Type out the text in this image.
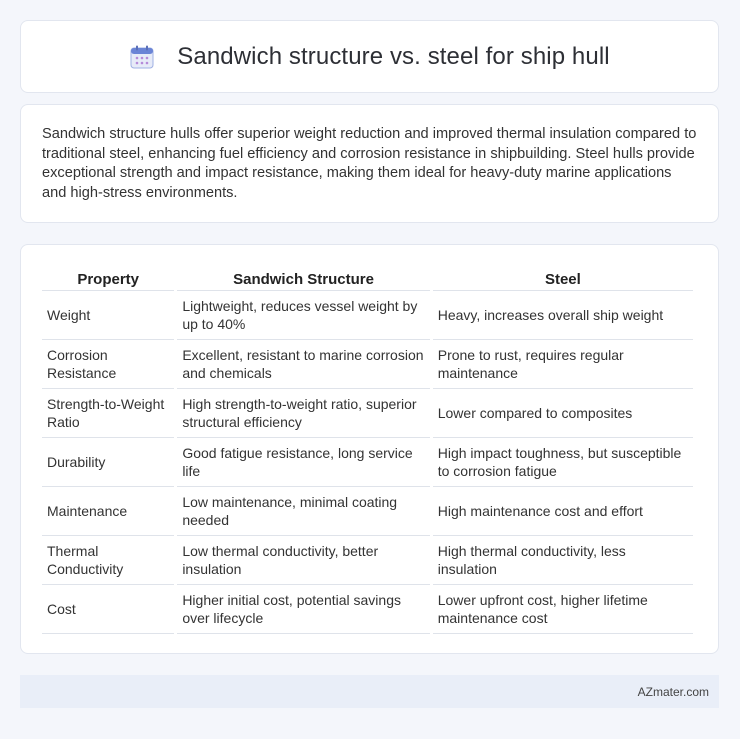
Sandwich structure vs. steel for ship hull

Sandwich structure hulls offer superior weight reduction and improved thermal insulation compared to traditional steel, enhancing fuel efficiency and corrosion resistance in shipbuilding. Steel hulls provide exceptional strength and impact resistance, making them ideal for heavy-duty marine applications and high-stress environments.

Property	Sandwich Structure	Steel
Weight	Lightweight, reduces vessel weight by up to 40%	Heavy, increases overall ship weight
Corrosion Resistance	Excellent, resistant to marine corrosion and chemicals	Prone to rust, requires regular maintenance
Strength-to-Weight Ratio	High strength-to-weight ratio, superior structural efficiency	Lower compared to composites
Durability	Good fatigue resistance, long service life	High impact toughness, but susceptible to corrosion fatigue
Maintenance	Low maintenance, minimal coating needed	High maintenance cost and effort
Thermal Conductivity	Low thermal conductivity, better insulation	High thermal conductivity, less insulation
Cost	Higher initial cost, potential savings over lifecycle	Lower upfront cost, higher lifetime maintenance cost
AZmater.com
